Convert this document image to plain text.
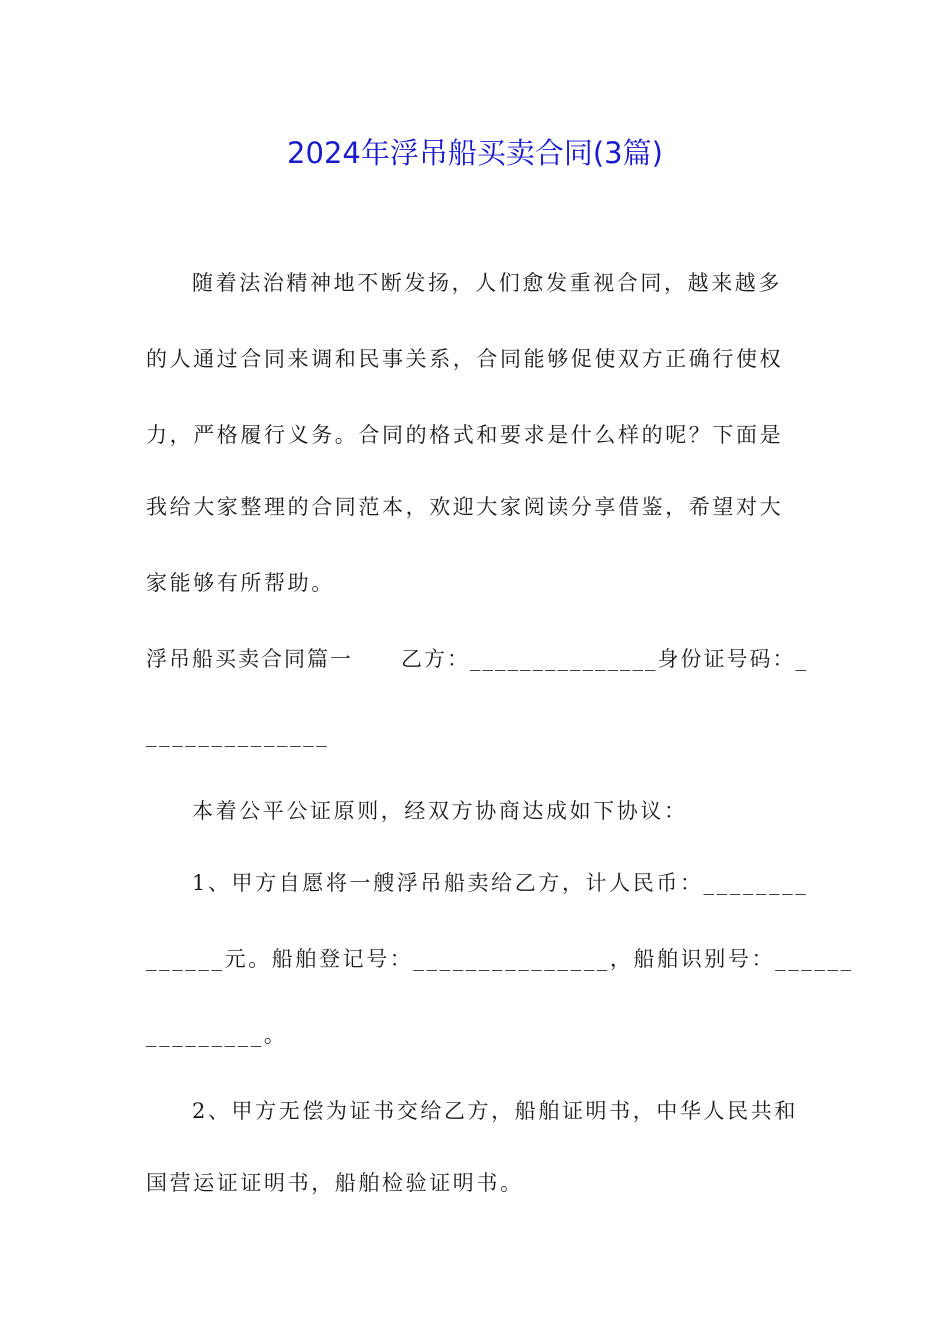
2024年浮吊船买卖合同(3篇)
随着法治精神地不断发扬，人们愈发重视合同，越来越多
的人通过合同来调和民事关系，合同能够促使双方正确行使权
力，严格履行义务。合同的格式和要求是什么样的呢？下面是
我给大家整理的合同范本，欢迎大家阅读分享借鉴，希望对大
家能够有所帮助。
浮吊船买卖合同篇一 乙方：_______________身份证号码：_
______________
本着公平公证原则，经双方协商达成如下协议：
1、甲方自愿将一艘浮吊船卖给乙方，计人民币：________
______元。船舶登记号：_______________，船舶识别号：______
_________。
2、甲方无偿为证书交给乙方，船舶证明书，中华人民共和
国营运证证明书，船舶检验证明书。
